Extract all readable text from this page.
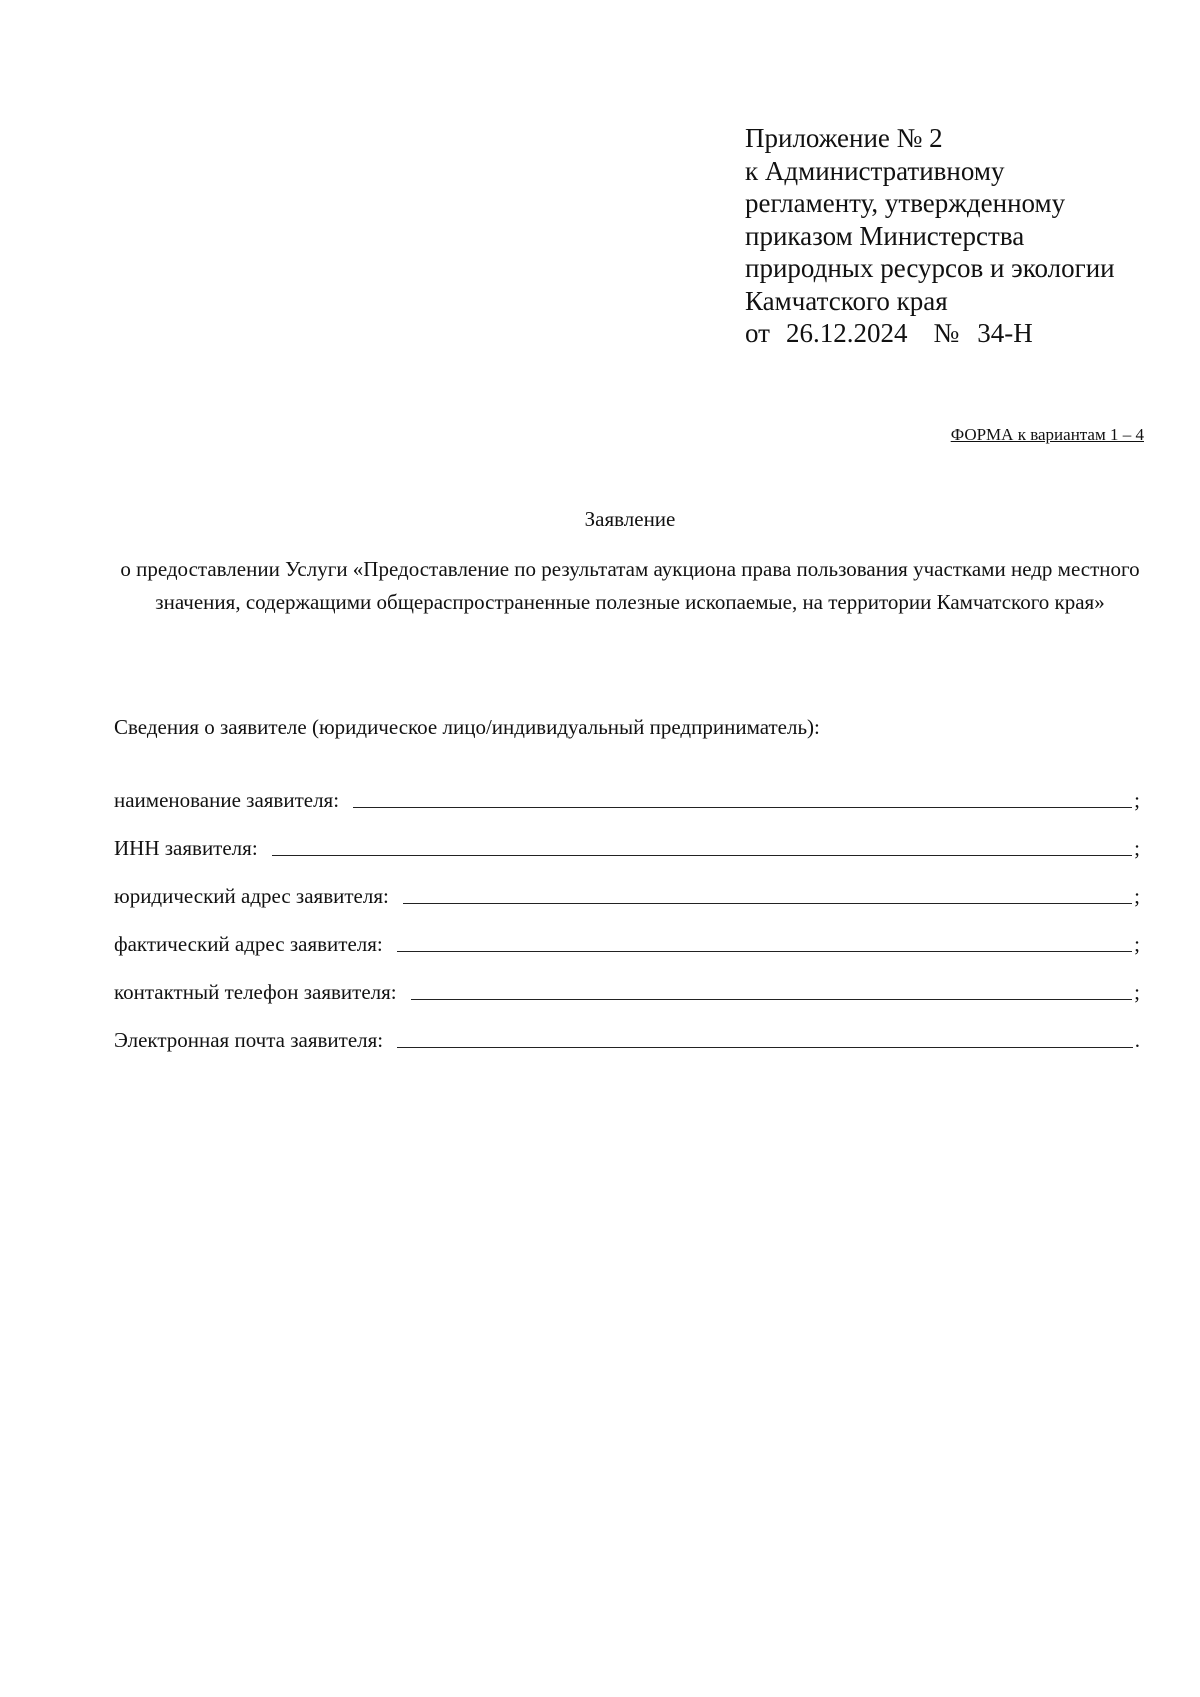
Приложение № 2
к Административному
регламенту, утвержденному
приказом Министерства
природных ресурсов и экологии
Камчатского края
от 26.12.2024 № 34-Н
ФОРМА к вариантам 1 – 4
Заявление
о предоставлении Услуги «Предоставление по результатам аукциона права пользования участками недр местного значения, содержащими общераспространенные полезные ископаемые, на территории Камчатского края»
Сведения о заявителе (юридическое лицо/индивидуальный предприниматель):
наименование заявителя:	;
ИНН заявителя:	;
юридический адрес заявителя:	;
фактический адрес заявителя:	;
контактный телефон заявителя:	;
Электронная почта заявителя:	.
